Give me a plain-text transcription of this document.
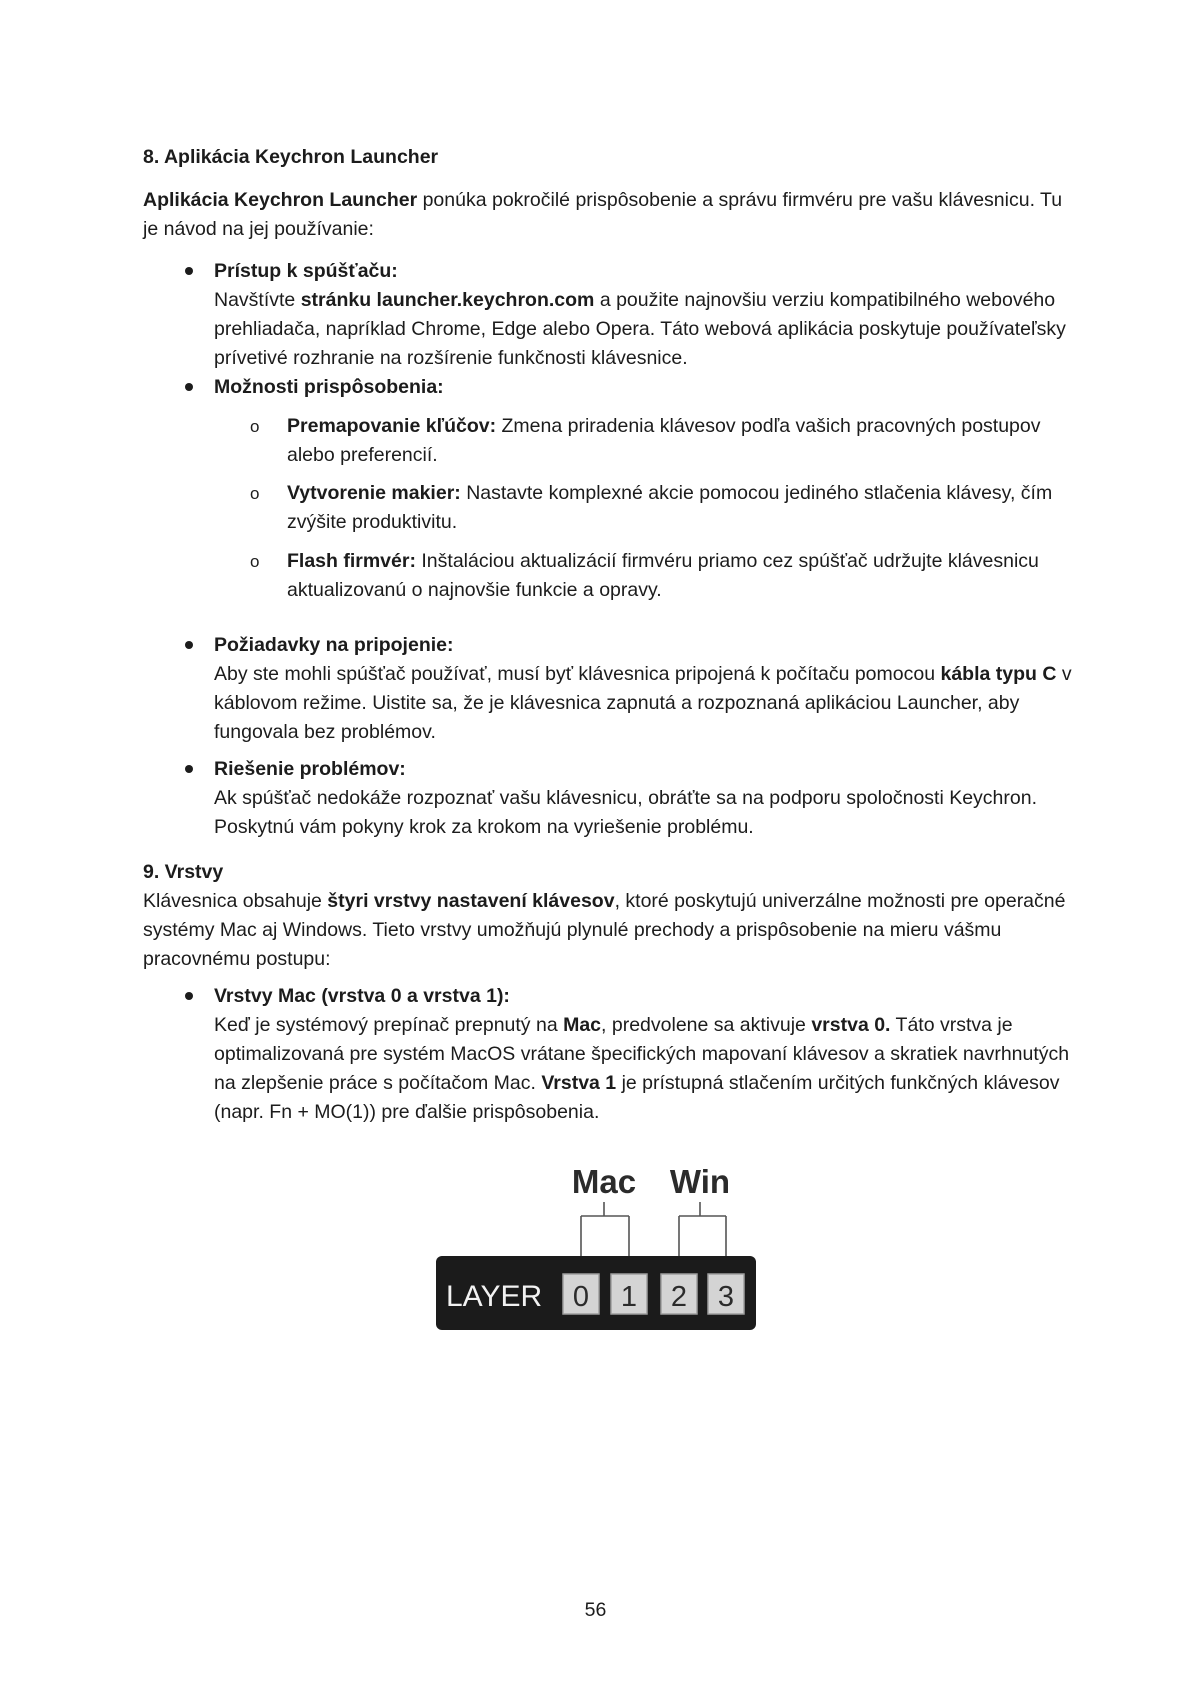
8. Aplikácia Keychron Launcher
Aplikácia Keychron Launcher ponúka pokročilé prispôsobenie a správu firmvéru pre vašu klávesnicu. Tu je návod na jej používanie:
Prístup k spúšťaču:
Navštívte stránku launcher.keychron.com a použite najnovšiu verziu kompatibilného webového prehliadača, napríklad Chrome, Edge alebo Opera. Táto webová aplikácia poskytuje používateľsky prívetivé rozhranie na rozšírenie funkčnosti klávesnice.
Možnosti prispôsobenia:
o Premapovanie kľúčov: Zmena priradenia klávesov podľa vašich pracovných postupov alebo preferencií.
o Vytvorenie makier: Nastavte komplexné akcie pomocou jediného stlačenia klávesy, čím zvýšite produktivitu.
o Flash firmvér: Inštaláciou aktualizácií firmvéru priamo cez spúšťač udržujte klávesnicu aktualizovanú o najnovšie funkcie a opravy.
Požiadavky na pripojenie:
Aby ste mohli spúšťač používať, musí byť klávesnica pripojená k počítaču pomocou kábla typu C v káblovom režime. Uistite sa, že je klávesnica zapnutá a rozpoznaná aplikáciou Launcher, aby fungovala bez problémov.
Riešenie problémov:
Ak spúšťač nedokáže rozpoznať vašu klávesnicu, obráťte sa na podporu spoločnosti Keychron. Poskytnú vám pokyny krok za krokom na vyriešenie problému.
9. Vrstvy
Klávesnica obsahuje štyri vrstvy nastavení klávesov, ktoré poskytujú univerzálne možnosti pre operačné systémy Mac aj Windows. Tieto vrstvy umožňujú plynulé prechody a prispôsobenie na mieru vášmu pracovnému postupu:
Vrstvy Mac (vrstva 0 a vrstva 1):
Keď je systémový prepínač prepnutý na Mac, predvolene sa aktivuje vrstva 0. Táto vrstva je optimalizovaná pre systém MacOS vrátane špecifických mapovaní klávesov a skratiek navrhnutých na zlepšenie práce s počítačom Mac. Vrstva 1 je prístupná stlačením určitých funkčných klávesov (napr. Fn + MO(1)) pre ďalšie prispôsobenia.
Mac Win
LAYER 0 1 2 3
56
